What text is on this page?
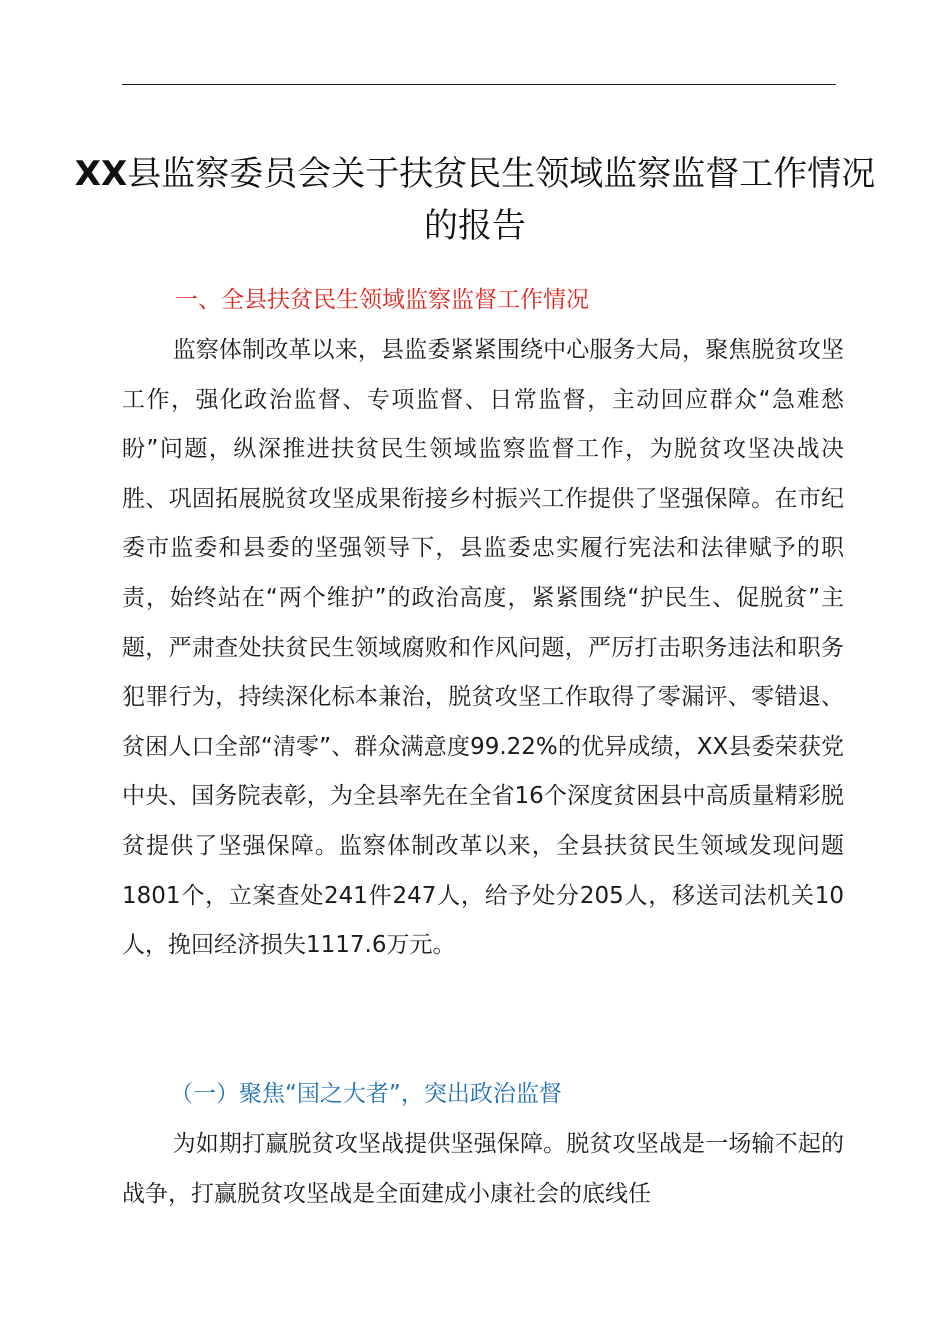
XX县监察委员会关于扶贫民生领域监察监督工作情况的报告
一、全县扶贫民生领域监察监督工作情况

监察体制改革以来，县监委紧紧围绕中心服务大局，聚焦脱贫攻坚工作，强化政治监督、专项监督、日常监督，主动回应群众“急难愁盼”问题，纵深推进扶贫民生领域监察监督工作，为脱贫攻坚决战决胜、巩固拓展脱贫攻坚成果衔接乡村振兴工作提供了坚强保障。在市纪委市监委和县委的坚强领导下，县监委忠实履行宪法和法律赋予的职责，始终站在“两个维护”的政治高度，紧紧围绕“护民生、促脱贫”主题，严肃查处扶贫民生领域腐败和作风问题，严厉打击职务违法和职务犯罪行为，持续深化标本兼治，脱贫攻坚工作取得了零漏评、零错退、贫困人口全部“清零”、群众满意度99.22%的优异成绩，XX县委荣获党中央、国务院表彰，为全县率先在全省16个深度贫困县中高质量精彩脱贫提供了坚强保障。监察体制改革以来，全县扶贫民生领域发现问题1801个，立案查处241件247人，给予处分205人，移送司法机关10人，挽回经济损失1117.6万元。

（一）聚焦“国之大者”，突出政治监督

为如期打赢脱贫攻坚战提供坚强保障。脱贫攻坚战是一场输不起的战争，打赢脱贫攻坚战是全面建成小康社会的底线任
